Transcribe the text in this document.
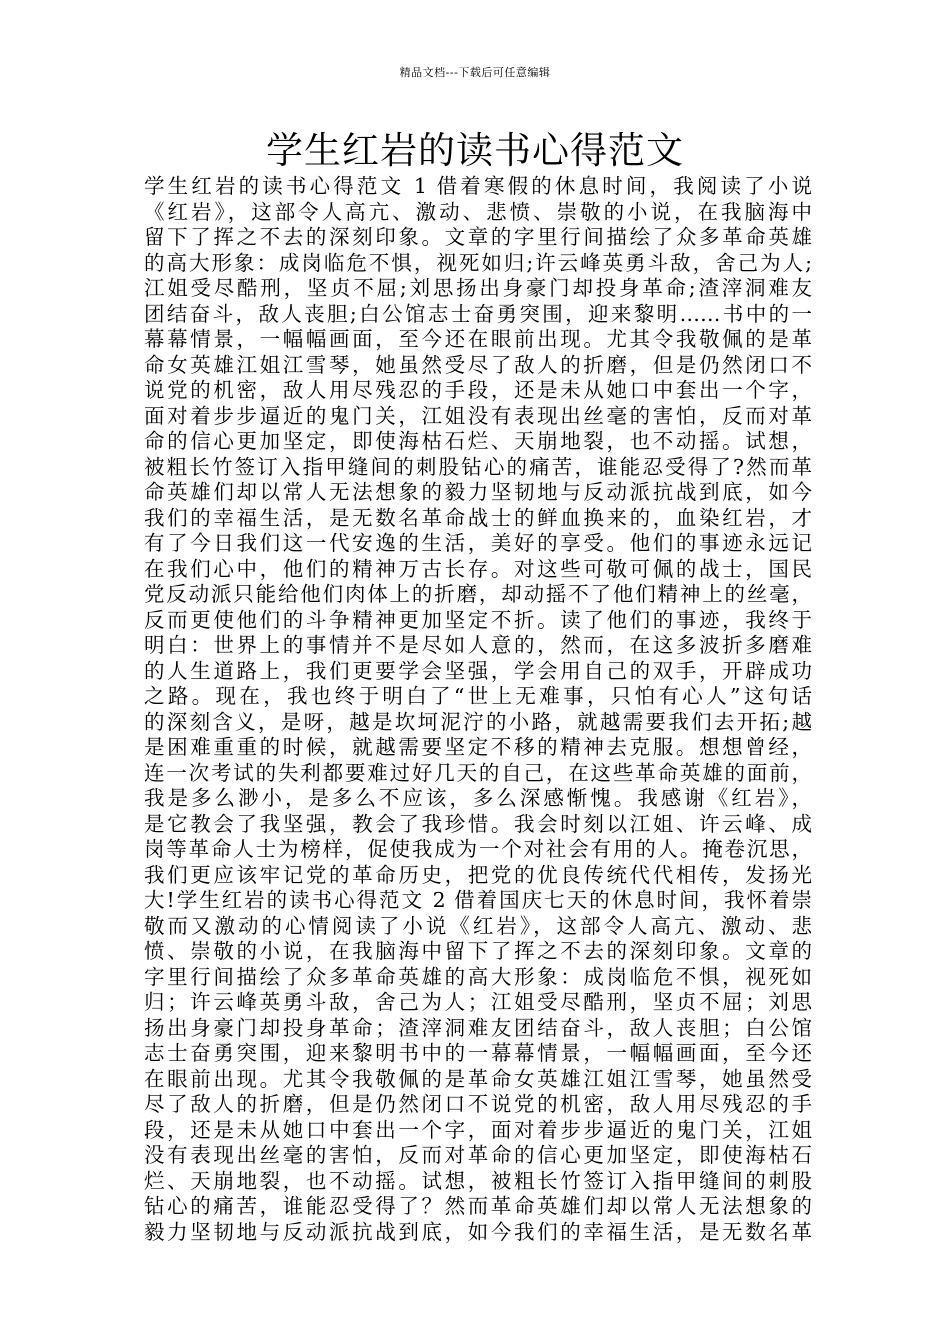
精品文档---下载后可任意编辑
学生红岩的读书心得范文
学生红岩的读书心得范文 1 借着寒假的休息时间，我阅读了小说
《红岩》，这部令人高亢、激动、悲愤、崇敬的小说，在我脑海中
留下了挥之不去的深刻印象。文章的字里行间描绘了众多革命英雄
的高大形象：成岗临危不惧，视死如归;许云峰英勇斗敌，舍己为人;
江姐受尽酷刑，坚贞不屈;刘思扬出身豪门却投身革命;渣滓洞难友
团结奋斗，敌人丧胆;白公馆志士奋勇突围，迎来黎明……书中的一
幕幕情景，一幅幅画面，至今还在眼前出现。尤其令我敬佩的是革
命女英雄江姐江雪琴，她虽然受尽了敌人的折磨，但是仍然闭口不
说党的机密，敌人用尽残忍的手段，还是未从她口中套出一个字，
面对着步步逼近的鬼门关，江姐没有表现出丝毫的害怕，反而对革
命的信心更加坚定，即使海枯石烂、天崩地裂，也不动摇。试想，
被粗长竹签订入指甲缝间的刺股钻心的痛苦，谁能忍受得了?然而革
命英雄们却以常人无法想象的毅力坚韧地与反动派抗战到底，如今
我们的幸福生活，是无数名革命战士的鲜血换来的，血染红岩，才
有了今日我们这一代安逸的生活，美好的享受。他们的事迹永远记
在我们心中，他们的精神万古长存。对这些可敬可佩的战士，国民
党反动派只能给他们肉体上的折磨，却动摇不了他们精神上的丝毫，
反而更使他们的斗争精神更加坚定不折。读了他们的事迹，我终于
明白：世界上的事情并不是尽如人意的，然而，在这多波折多磨难
的人生道路上，我们更要学会坚强，学会用自己的双手，开辟成功
之路。现在，我也终于明白了“世上无难事，只怕有心人”这句话
的深刻含义，是呀，越是坎坷泥泞的小路，就越需要我们去开拓;越
是困难重重的时候，就越需要坚定不移的精神去克服。想想曾经，
连一次考试的失利都要难过好几天的自己，在这些革命英雄的面前，
我是多么渺小，是多么不应该，多么深感惭愧。我感谢《红岩》，
是它教会了我坚强，教会了我珍惜。我会时刻以江姐、许云峰、成
岗等革命人士为榜样，促使我成为一个对社会有用的人。掩卷沉思，
我们更应该牢记党的革命历史，把党的优良传统代代相传，发扬光
大!学生红岩的读书心得范文 2 借着国庆七天的休息时间，我怀着崇
敬而又激动的心情阅读了小说《红岩》，这部令人高亢、激动、悲
愤、崇敬的小说，在我脑海中留下了挥之不去的深刻印象。文章的
字里行间描绘了众多革命英雄的高大形象：成岗临危不惧，视死如
归；许云峰英勇斗敌，舍己为人；江姐受尽酷刑，坚贞不屈；刘思
扬出身豪门却投身革命；渣滓洞难友团结奋斗，敌人丧胆；白公馆
志士奋勇突围，迎来黎明书中的一幕幕情景，一幅幅画面，至今还
在眼前出现。尤其令我敬佩的是革命女英雄江姐江雪琴，她虽然受
尽了敌人的折磨，但是仍然闭口不说党的机密，敌人用尽残忍的手
段，还是未从她口中套出一个字，面对着步步逼近的鬼门关，江姐
没有表现出丝毫的害怕，反而对革命的信心更加坚定，即使海枯石
烂、天崩地裂，也不动摇。试想，被粗长竹签订入指甲缝间的刺股
钻心的痛苦，谁能忍受得了？然而革命英雄们却以常人无法想象的
毅力坚韧地与反动派抗战到底，如今我们的幸福生活，是无数名革
